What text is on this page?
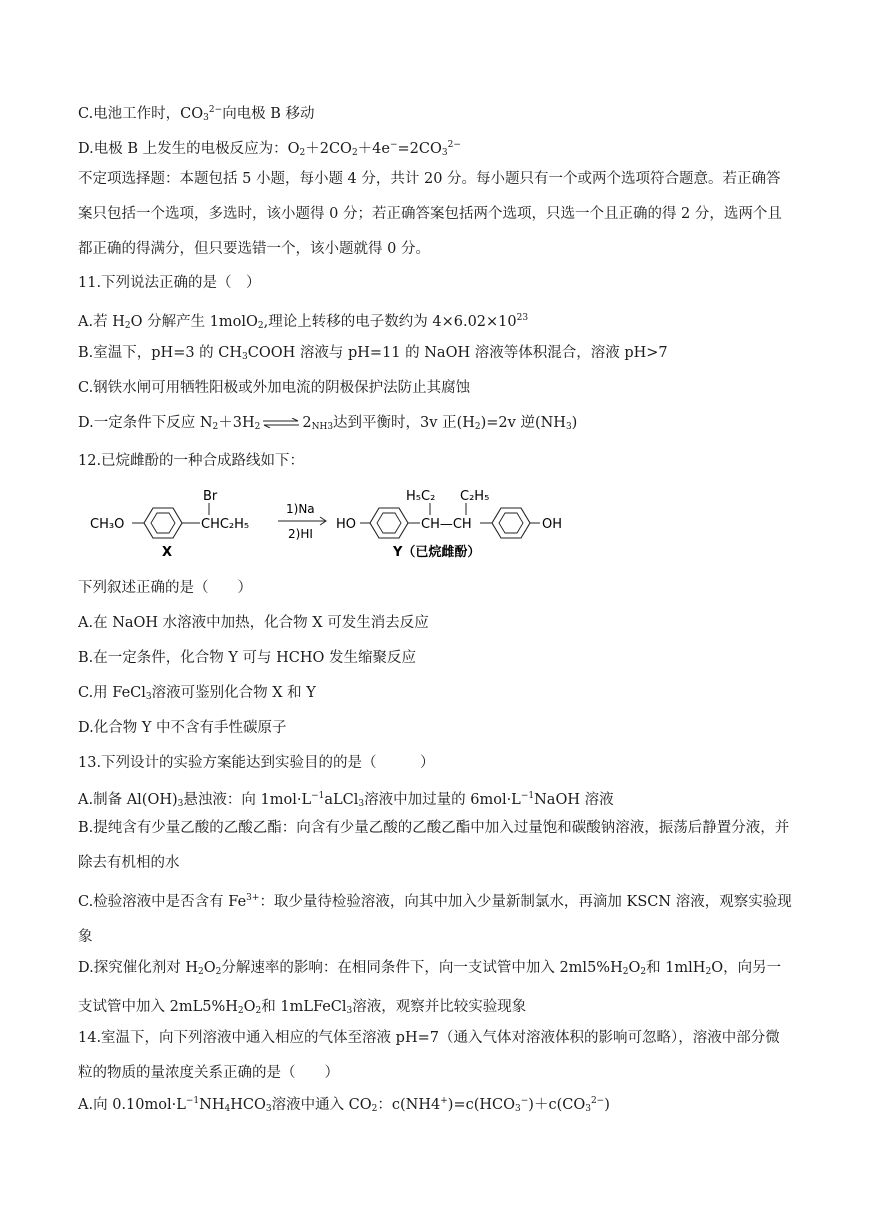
C.电池工作时，$CO_3^{2-}$向电极 B 移动
D.电极 B 上发生的电极反应为：$O_2+2CO_2+4e^-=2CO_3^{2-}$
不定项选择题：本题包括 5 小题，每小题 4 分，共计 20 分。每小题只有一个或两个选项符合题意。若正确答案只包括一个选项，多选时，该小题得 0 分；若正确答案包括两个选项，只选一个且正确的得 2 分，选两个且都正确的得满分，但只要选错一个，该小题就得 0 分。
11.下列说法正确的是（　）
A.若 $H_2O$ 分解产生 1molO$_2$,理论上转移的电子数约为 $4\times 6.02\times 10^{23}$
B.室温下，pH=3 的 $CH_3COOH$ 溶液与 pH=11 的 NaOH 溶液等体积混合，溶液 pH>7
C.钢铁水闸可用牺牲阳极或外加电流的阴极保护法防止其腐蚀
D.一定条件下反应 $N_2+3H_2$ ⇌ $2_{NH3}$达到平衡时，3v 正$(H_2)=2v$ 逆$(NH_3)$
12.已烷雌酚的一种合成路线如下：
CH₃O
Br
CHC₂H₅
X
1)Na
2)HI
HO
H₅C₂ C₂H₅
CH—CH	OH
Y（已烷雌酚）
下列叙述正确的是（　　）
A.在 NaOH 水溶液中加热，化合物 X 可发生消去反应
B.在一定条件，化合物 Y 可与 HCHO 发生缩聚反应
C.用 FeCl$_3$溶液可鉴别化合物 X 和 Y
D.化合物 Y 中不含有手性碳原子
13.下列设计的实验方案能达到实验目的的是（　　　）
A.制备 $Al(OH)_3$悬浊液：向 $1mol\cdot L^{-1}aLCl_3$溶液中加过量的 $6mol\cdot L^{-1}NaOH$ 溶液
B.提纯含有少量乙酸的乙酸乙酯：向含有少量乙酸的乙酸乙酯中加入过量饱和碳酸钠溶液，振荡后静置分液，并除去有机相的水
C.检验溶液中是否含有 $Fe^{3+}$：取少量待检验溶液，向其中加入少量新制氯水，再滴加 KSCN 溶液，观察实验现象
D.探究催化剂对 $H_2O_2$分解速率的影响：在相同条件下，向一支试管中加入 $2ml5\%H_2O_2$和 1mlH$_2$O，向另一支试管中加入 $2mL5\%H_2O_2$和 1mLFeCl$_3$溶液，观察并比较实验现象
14.室温下，向下列溶液中通入相应的气体至溶液 pH=7（通入气体对溶液体积的影响可忽略），溶液中部分微粒的物质的量浓度关系正确的是（　　）
A.向 $0.10mol\cdot L^{-1}NH_4HCO_3$溶液中通入 $CO_2$：$c(NH4^+)=c(HCO_3^-)+c(CO_3^{2-})$
